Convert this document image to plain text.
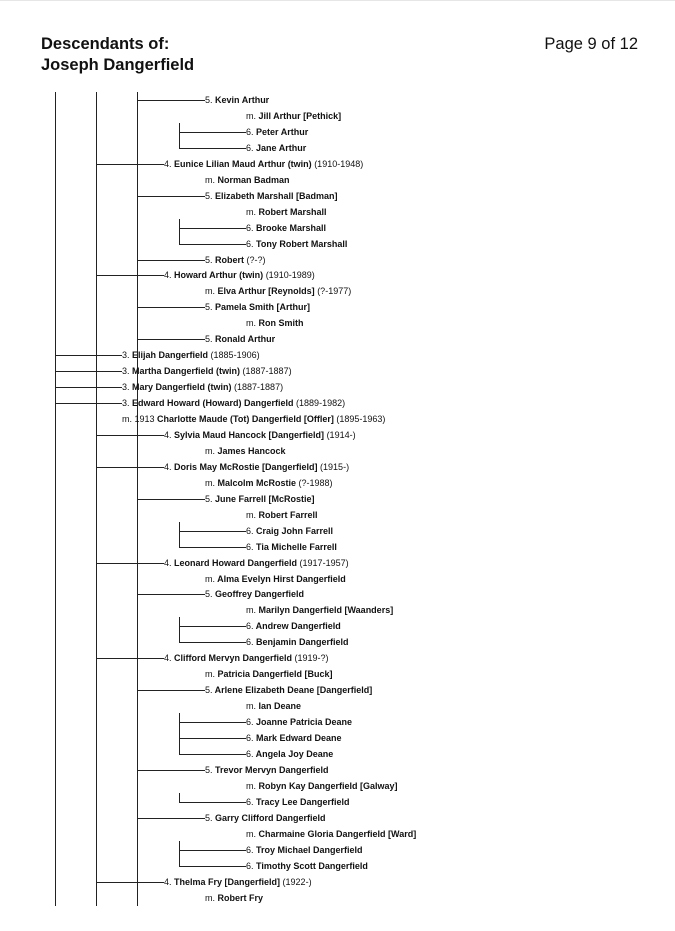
Descendants of:
Joseph Dangerfield
Page 9 of 12
5. Kevin Arthur
m. Jill Arthur [Pethick]
6. Peter Arthur
6. Jane Arthur
4. Eunice Lilian Maud Arthur (twin) (1910-1948)
m. Norman Badman
5. Elizabeth Marshall [Badman]
m. Robert Marshall
6. Brooke Marshall
6. Tony Robert Marshall
5. Robert (?-?)
4. Howard Arthur (twin) (1910-1989)
m. Elva Arthur [Reynolds] (?-1977)
5. Pamela Smith [Arthur]
m. Ron Smith
5. Ronald Arthur
3. Elijah Dangerfield (1885-1906)
3. Martha Dangerfield (twin) (1887-1887)
3. Mary Dangerfield (twin) (1887-1887)
3. Edward Howard (Howard) Dangerfield (1889-1982)
m. 1913 Charlotte Maude (Tot) Dangerfield [Offler] (1895-1963)
4. Sylvia Maud Hancock [Dangerfield] (1914-)
m. James Hancock
4. Doris May McRostie [Dangerfield] (1915-)
m. Malcolm McRostie (?-1988)
5. June Farrell [McRostie]
m. Robert Farrell
6. Craig John Farrell
6. Tia Michelle Farrell
4. Leonard Howard Dangerfield (1917-1957)
m. Alma Evelyn Hirst Dangerfield
5. Geoffrey Dangerfield
m. Marilyn Dangerfield [Waanders]
6. Andrew Dangerfield
6. Benjamin Dangerfield
4. Clifford Mervyn Dangerfield (1919-?)
m. Patricia Dangerfield [Buck]
5. Arlene Elizabeth Deane [Dangerfield]
m. Ian Deane
6. Joanne Patricia Deane
6. Mark Edward Deane
6. Angela Joy Deane
5. Trevor Mervyn Dangerfield
m. Robyn Kay Dangerfield [Galway]
6. Tracy Lee Dangerfield
5. Garry Clifford Dangerfield
m. Charmaine Gloria Dangerfield [Ward]
6. Troy Michael Dangerfield
6. Timothy Scott Dangerfield
4. Thelma Fry [Dangerfield] (1922-)
m. Robert Fry
